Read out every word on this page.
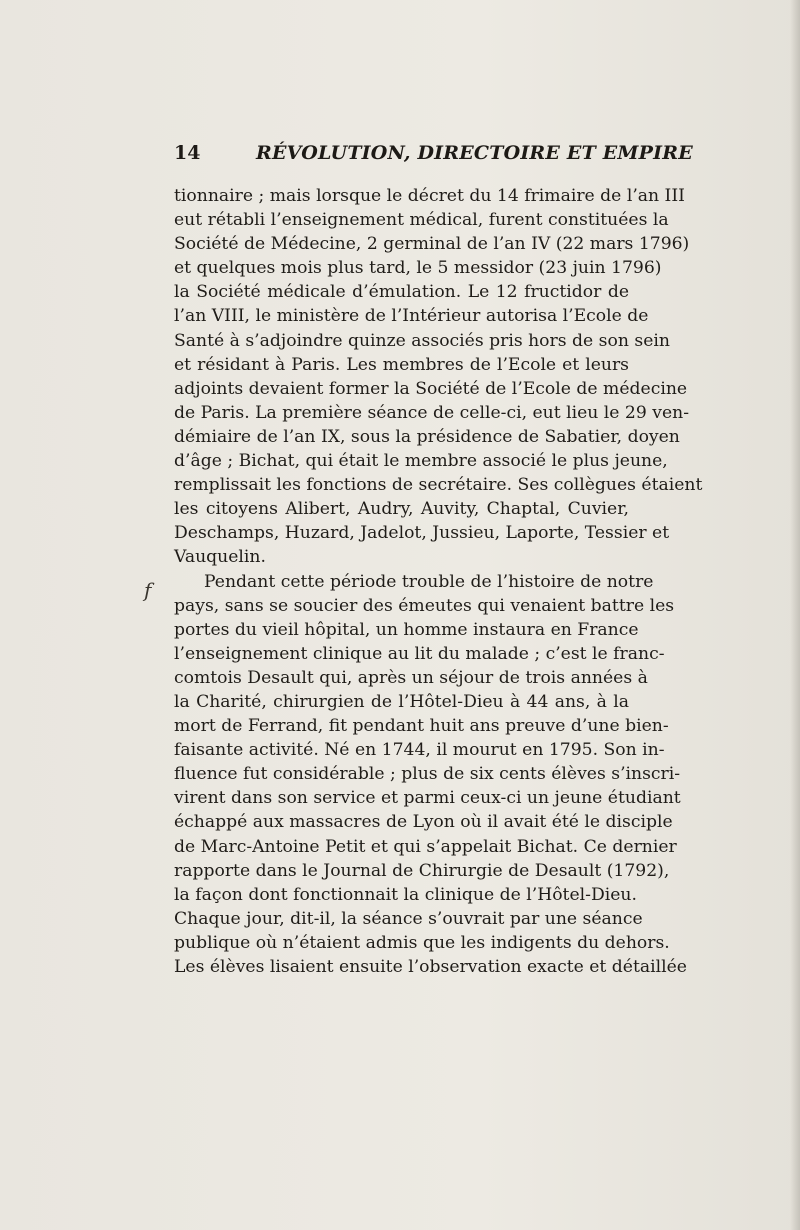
14	RÉVOLUTION, DIRECTOIRE ET EMPIRE
f
tionnaire ; mais lorsque le décret du 14 frimaire de l’an III
eut rétabli l’enseignement médical, furent constituées la
Société de Médecine, 2 germinal de l’an IV (22 mars 1796)
et quelques mois plus tard, le 5 messidor (23 juin 1796)
la Société médicale d’émulation. Le 12 fructidor de
l’an VIII, le ministère de l’Intérieur autorisa l’Ecole de
Santé à s’adjoindre quinze associés pris hors de son sein
et résidant à Paris. Les membres de l’Ecole et leurs
adjoints devaient former la Société de l’Ecole de médecine
de Paris. La première séance de celle-ci, eut lieu le 29 ven-
démiaire de l’an IX, sous la présidence de Sabatier, doyen
d’âge ; Bichat, qui était le membre associé le plus jeune,
remplissait les fonctions de secrétaire. Ses collègues étaient
les citoyens Alibert, Audry, Auvity, Chaptal, Cuvier,
Deschamps, Huzard, Jadelot, Jussieu, Laporte, Tessier et
Vauquelin.
Pendant cette période trouble de l’histoire de notre
pays, sans se soucier des émeutes qui venaient battre les
portes du vieil hôpital, un homme instaura en France
l’enseignement clinique au lit du malade ; c’est le franc-
comtois Desault qui, après un séjour de trois années à
la Charité, chirurgien de l’Hôtel-Dieu à 44 ans, à la
mort de Ferrand, fit pendant huit ans preuve d’une bien-
faisante activité. Né en 1744, il mourut en 1795. Son in-
fluence fut considérable ; plus de six cents élèves s’inscri-
virent dans son service et parmi ceux-ci un jeune étudiant
échappé aux massacres de Lyon où il avait été le disciple
de Marc-Antoine Petit et qui s’appelait Bichat. Ce dernier
rapporte dans le Journal de Chirurgie de Desault (1792),
la façon dont fonctionnait la clinique de l’Hôtel-Dieu.
Chaque jour, dit-il, la séance s’ouvrait par une séance
publique où n’étaient admis que les indigents du dehors.
Les élèves lisaient ensuite l’observation exacte et détaillée
